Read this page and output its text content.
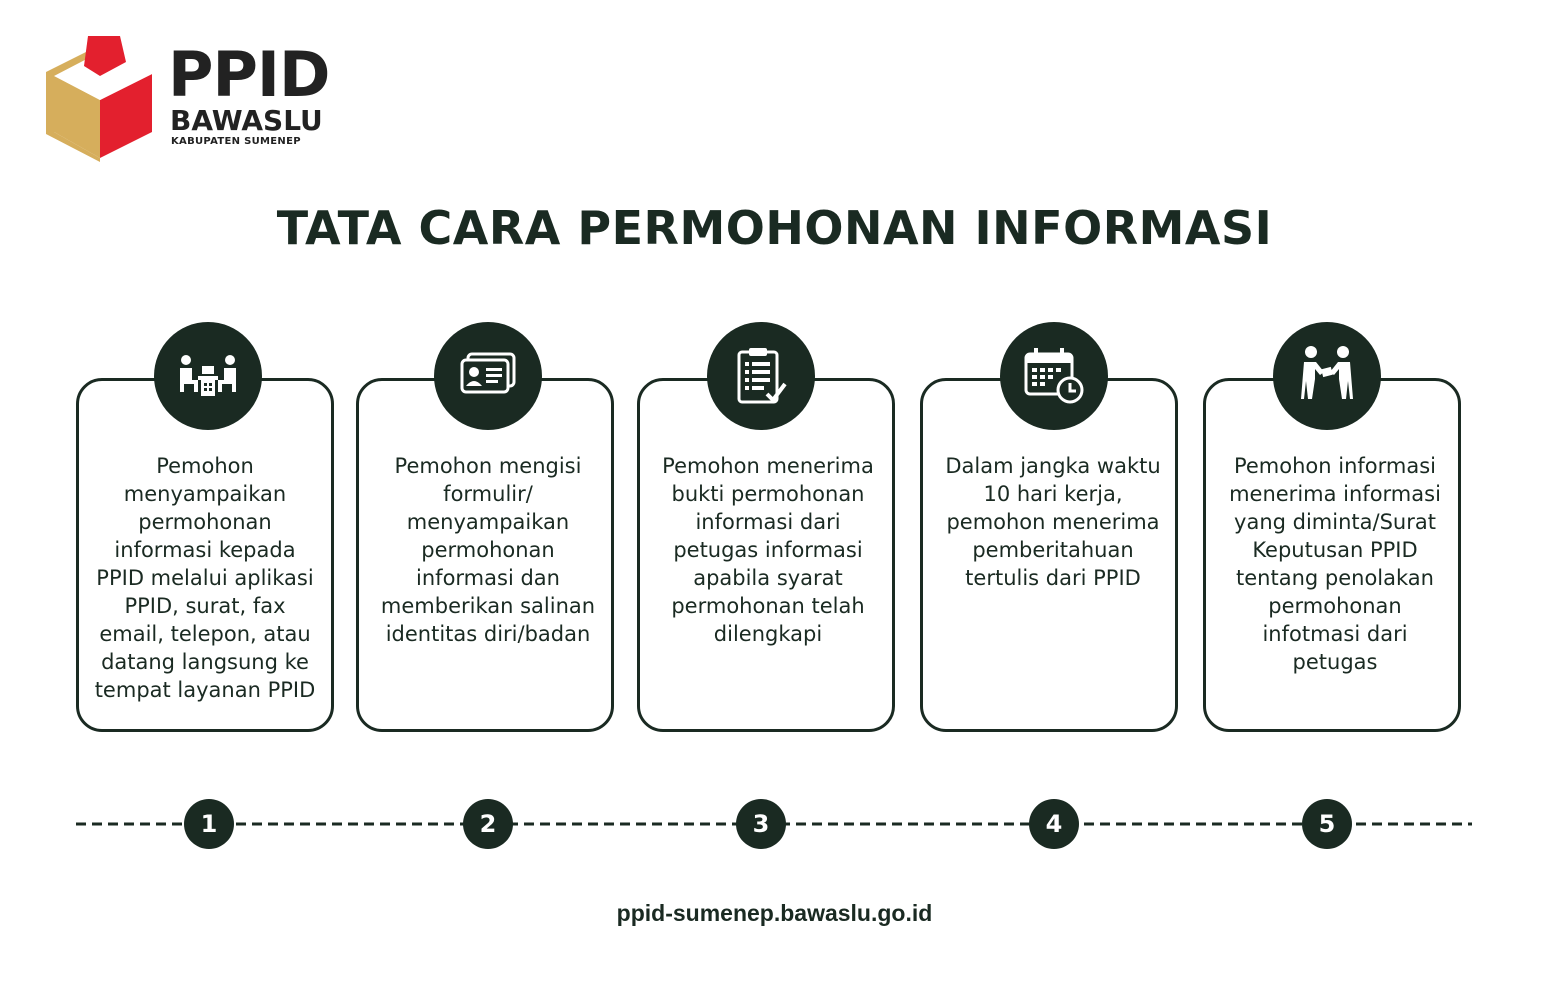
PPID
BAWASLU
KABUPATEN SUMENEP
TATA CARA PERMOHONAN INFORMASI
Pemohon menyampaikan permohonan informasi kepada PPID melalui aplikasi PPID, surat, fax email, telepon, atau datang langsung ke tempat layanan PPID
Pemohon mengisi formulir/ menyampaikan permohonan informasi dan memberikan salinan identitas diri/badan
Pemohon menerima bukti permohonan informasi dari petugas informasi apabila syarat permohonan telah dilengkapi
Dalam jangka waktu 10 hari kerja, pemohon menerima pemberitahuan tertulis dari PPID
Pemohon informasi menerima informasi yang diminta/Surat Keputusan PPID tentang penolakan permohonan infotmasi dari petugas
1	2	3	4	5
ppid-sumenep.bawaslu.go.id
